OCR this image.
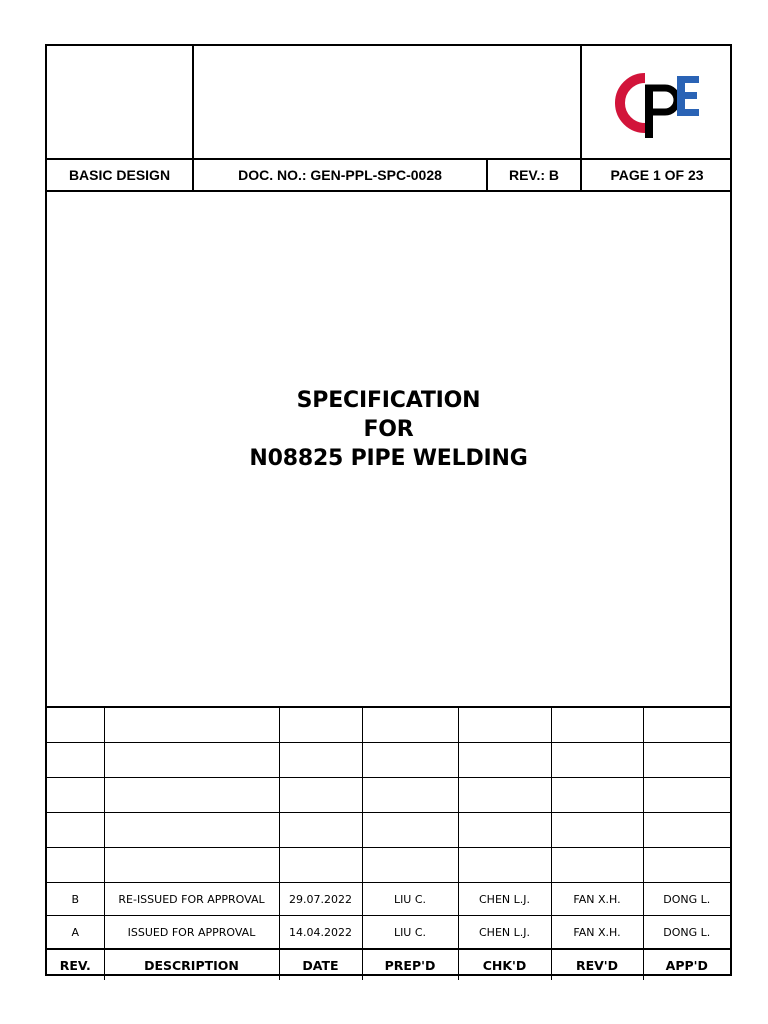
BASIC DESIGN	DOC. NO.: GEN-PPL-SPC-0028	REV.: B	PAGE 1 OF 23
SPECIFICATION
FOR
N08825 PIPE WELDING

B	RE-ISSUED FOR APPROVAL	29.07.2022	LIU C.	CHEN L.J.	FAN X.H.	DONG L.
A	ISSUED FOR APPROVAL	14.04.2022	LIU C.	CHEN L.J.	FAN X.H.	DONG L.
REV.	DESCRIPTION	DATE	PREP'D	CHK'D	REV'D	APP'D
